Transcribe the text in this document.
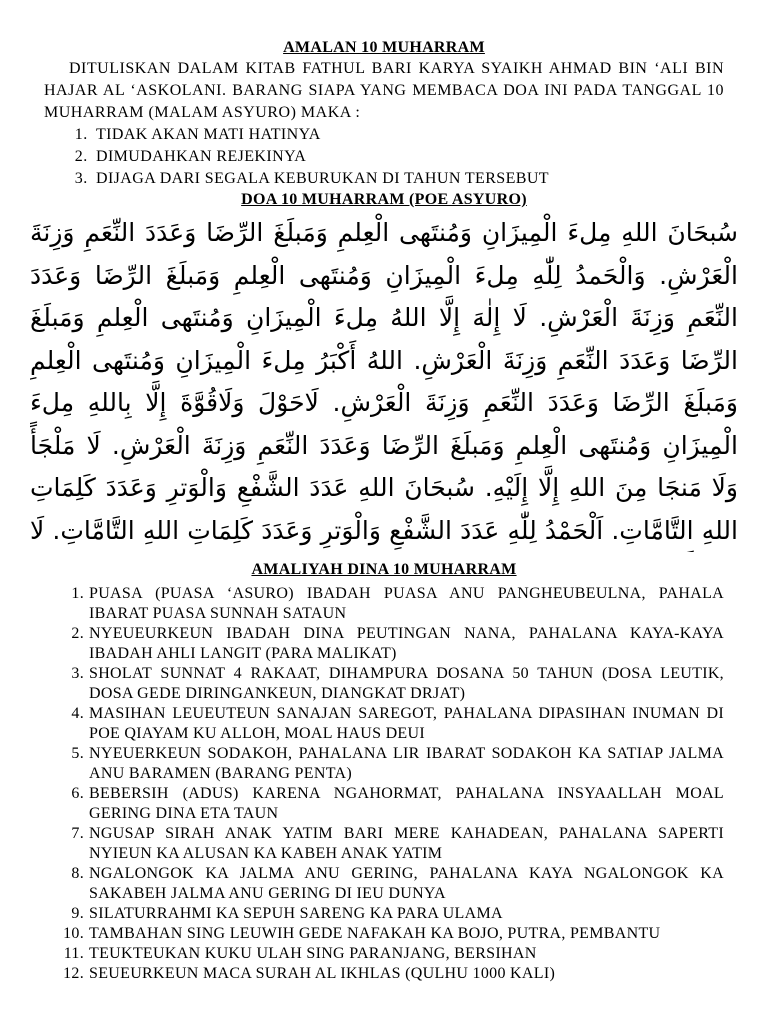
AMALAN 10 MUHARRAM

DITULISKAN DALAM KITAB FATHUL BARI KARYA SYAIKH AHMAD BIN ‘ALI BIN HAJAR AL ‘ASKOLANI. BARANG SIAPA YANG MEMBACA DOA INI PADA TANGGAL 10 MUHARRAM (MALAM ASYURO) MAKA :

1. TIDAK AKAN MATI HATINYA
2. DIMUDAHKAN REJEKINYA
3. DIJAGA DARI SEGALA KEBURUKAN DI TAHUN TERSEBUT
DOA 10 MUHARRAM (POE ASYURO)

سُبحَانَ اللهِ مِلءَ الْمِيزَانِ وَمُنتَهى الْعِلمِ وَمَبلَغَ الرِّضَا وَعَدَدَ النِّعَمِ وَزِنَةَ الْعَرْشِ. وَالْحَمدُ لِلّٰهِ مِلءَ الْمِيزَانِ وَمُنتَهى الْعِلمِ وَمَبلَغَ الرِّضَا وَعَدَدَ النِّعَمِ وَزِنَةَ الْعَرْشِ. لَا إِلٰهَ إِلَّا اللهُ مِلءَ الْمِيزَانِ وَمُنتَهى الْعِلمِ وَمَبلَغَ الرِّضَا وَعَدَدَ النِّعَمِ وَزِنَةَ الْعَرْشِ. اللهُ أَكْبَرُ مِلءَ الْمِيزَانِ وَمُنتَهى الْعِلمِ وَمَبلَغَ الرِّضَا وَعَدَدَ النِّعَمِ وَزِنَةَ الْعَرْشِ. لَاحَوْلَ وَلَاقُوَّةَ إِلَّا بِاللهِ مِلءَ الْمِيزَانِ وَمُنتَهى الْعِلمِ وَمَبلَغَ الرِّضَا وَعَدَدَ النِّعَمِ وَزِنَةَ الْعَرْشِ. لَا مَلْجَأً وَلَا مَنجَا مِنَ اللهِ إِلَّا إِلَيْهِ. سُبحَانَ اللهِ عَدَدَ الشَّفْعِ وَالْوَترِ وَعَدَدَ كَلِمَاتِ اللهِ التَّامَّاتِ. اَلْحَمْدُ لِلّٰهِ عَدَدَ الشَّفْعِ وَالْوَترِ وَعَدَدَ كَلِمَاتِ اللهِ التَّامَّاتِ. لَا

AMALIYAH DINA 10 MUHARRAM
1. PUASA (PUASA ‘ASURO) IBADAH PUASA ANU PANGHEUBEULNA, PAHALA IBARAT PUASA SUNNAH SATAUN
2. NYEUEURKEUN IBADAH DINA PEUTINGAN NANA, PAHALANA KAYA-KAYA IBADAH AHLI LANGIT (PARA MALIKAT)
3. SHOLAT SUNNAT 4 RAKAAT, DIHAMPURA DOSANA 50 TAHUN (DOSA LEUTIK, DOSA GEDE DIRINGANKEUN, DIANGKAT DRJAT)
4. MASIHAN LEUEUTEUN SANAJAN SAREGOT, PAHALANA DIPASIHAN INUMAN DI POE QIAYAM KU ALLOH, MOAL HAUS DEUI
5. NYEUERKEUN SODAKOH, PAHALANA LIR IBARAT SODAKOH KA SATIAP JALMA ANU BARAMEN (BARANG PENTA)
6. BEBERSIH (ADUS) KARENA NGAHORMAT, PAHALANA INSYAALLAH MOAL GERING DINA ETA TAUN
7. NGUSAP SIRAH ANAK YATIM BARI MERE KAHADEAN, PAHALANA SAPERTI NYIEUN KA ALUSAN KA KABEH ANAK YATIM
8. NGALONGOK KA JALMA ANU GERING, PAHALANA KAYA NGALONGOK KA SAKABEH JALMA ANU GERING DI IEU DUNYA
9. SILATURRAHMI KA SEPUH SARENG KA PARA ULAMA
10. TAMBAHAN SING LEUWIH GEDE NAFAKAH KA BOJO, PUTRA, PEMBANTU
11. TEUKTEUKAN KUKU ULAH SING PARANJANG, BERSIHAN
12. SEUEURKEUN MACA SURAH AL IKHLAS (QULHU 1000 KALI)
